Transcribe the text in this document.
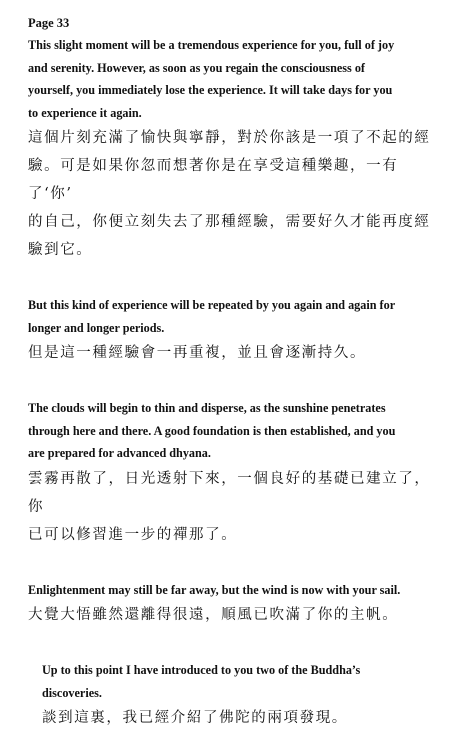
Page 33

This slight moment will be a tremendous experience for you, full of joy
and serenity. However, as soon as you regain the consciousness of
yourself, you immediately lose the experience. It will take days for you
to experience it again.

這個片刻充滿了愉快與寧靜，對於你該是一項了不起的經
驗。可是如果你忽而想著你是在享受這種樂趣，一有了‘你’
的自己，你便立刻失去了那種經驗，需要好久才能再度經
驗到它。

But this kind of experience will be repeated by you again and again for
longer and longer periods.

但是這一種經驗會一再重複，並且會逐漸持久。

The clouds will begin to thin and disperse, as the sunshine penetrates
through here and there. A good foundation is then established, and you
are prepared for advanced dhyana.

雲霧再散了，日光透射下來，一個良好的基礎已建立了，你
已可以修習進一步的禪那了。

Enlightenment may still be far away, but the wind is now with your sail.

大覺大悟雖然還離得很遠，順風已吹滿了你的主帆。

Up to this point I have introduced to you two of the Buddha’s
discoveries.

談到這裏，我已經介紹了佛陀的兩項發現。
